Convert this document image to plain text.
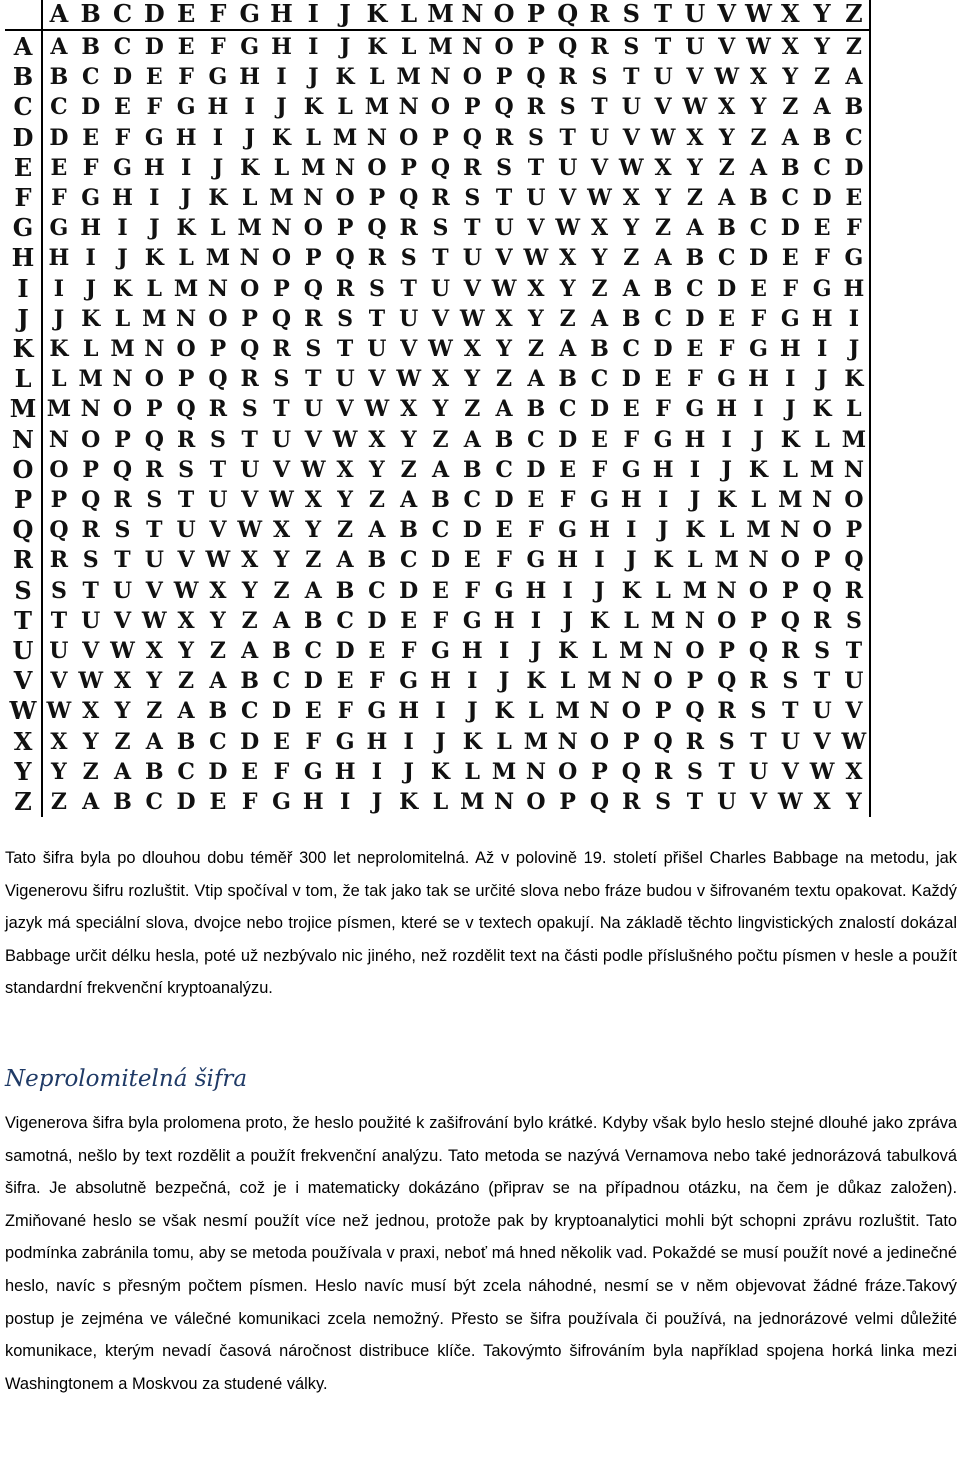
A B C D E F G H I J K L M N O P Q R S T U V W X Y Z
A A B C D E F G H I J K L M N O P Q R S T U V W X Y Z
B B C D E F G H I J K L M N O P Q R S T U V W X Y Z A
C C D E F G H I J K L M N O P Q R S T U V W X Y Z A B
D D E F G H I J K L M N O P Q R S T U V W X Y Z A B C
E E F G H I J K L M N O P Q R S T U V W X Y Z A B C D
F F G H I J K L M N O P Q R S T U V W X Y Z A B C D E
G G H I J K L M N O P Q R S T U V W X Y Z A B C D E F
H H I J K L M N O P Q R S T U V W X Y Z A B C D E F G
I	I J K L M N O P Q R S T U V W X Y Z A B C D E F G H
J	J K L M N O P Q R S T U V W X Y Z A B C D E F G H I
K K L M N O P Q R S T U V W X Y Z A B C D E F G H I J
L L M N O P Q R S T U V W X Y Z A B C D E F G H I J K
M M N O P Q R S T U V W X Y Z A B C D E F G H I J K L
N N O P Q R S T U V W X Y Z A B C D E F G H I J K L M
O O P Q R S T U V W X Y Z A B C D E F G H I J K L M N
P P Q R S T U V W X Y Z A B C D E F G H I J K L M N O
Q Q R S T U V W X Y Z A B C D E F G H I J K L M N O P
R R S T U V W X Y Z A B C D E F G H I J K L M N O P Q
S S T U V W X Y Z A B C D E F G H I J K L M N O P Q R
T T U V W X Y Z A B C D E F G H I J K L M N O P Q R S
U U V W X Y Z A B C D E F G H I J K L M N O P Q R S T
V V W X Y Z A B C D E F G H I J K L M N O P Q R S T U
W W X Y Z A B C D E F G H I J K L M N O P Q R S T U V
X X Y Z A B C D E F G H I J K L M N O P Q R S T U V W
Y Y Z A B C D E F G H I J K L M N O P Q R S T U V W X
Z Z A B C D E F G H I J K L M N O P Q R S T U V W X Y

Tato šifra byla po dlouhou dobu téměř 300 let neprolomitelná. Až v polovině 19. století přišel Charles Babbage na metodu, jak Vigenerovu šifru rozluštit. Vtip spočíval v tom, že tak jako tak se určité slova nebo fráze budou v šifrovaném textu opakovat. Každý jazyk má speciální slova, dvojce nebo trojice písmen, které se v textech opakují. Na základě těchto lingvistických znalostí dokázal Babbage určit délku hesla, poté už nezbývalo nic jiného, než rozdělit text na části podle příslušného počtu písmen v hesle a použít standardní frekvenční kryptoanalýzu.

Neprolomitelná šifra

Vigenerova šifra byla prolomena proto, že heslo použité k zašifrování bylo krátké. Kdyby však bylo heslo stejné dlouhé jako zpráva samotná, nešlo by text rozdělit a použít frekvenční analýzu. Tato metoda se nazývá Vernamova nebo také jednorázová tabulková šifra. Je absolutně bezpečná, což je i matematicky dokázáno (připrav se na případnou otázku, na čem je důkaz založen). Zmiňované heslo se však nesmí použít více než jednou, protože pak by kryptoanalytici mohli být schopni zprávu rozluštit. Tato podmínka zabránila tomu, aby se metoda používala v praxi, neboť má hned několik vad. Pokaždé se musí použít nové a jedinečné heslo, navíc s přesným počtem písmen. Heslo navíc musí být zcela náhodné, nesmí se v něm objevovat žádné fráze.Takový postup je zejména ve válečné komunikaci zcela nemožný. Přesto se šifra používala či používá, na jednorázové velmi důležité komunikace, kterým nevadí časová náročnost distribuce klíče. Takovýmto šifrováním byla například spojena horká linka mezi Washingtonem a Moskvou za studené války.
